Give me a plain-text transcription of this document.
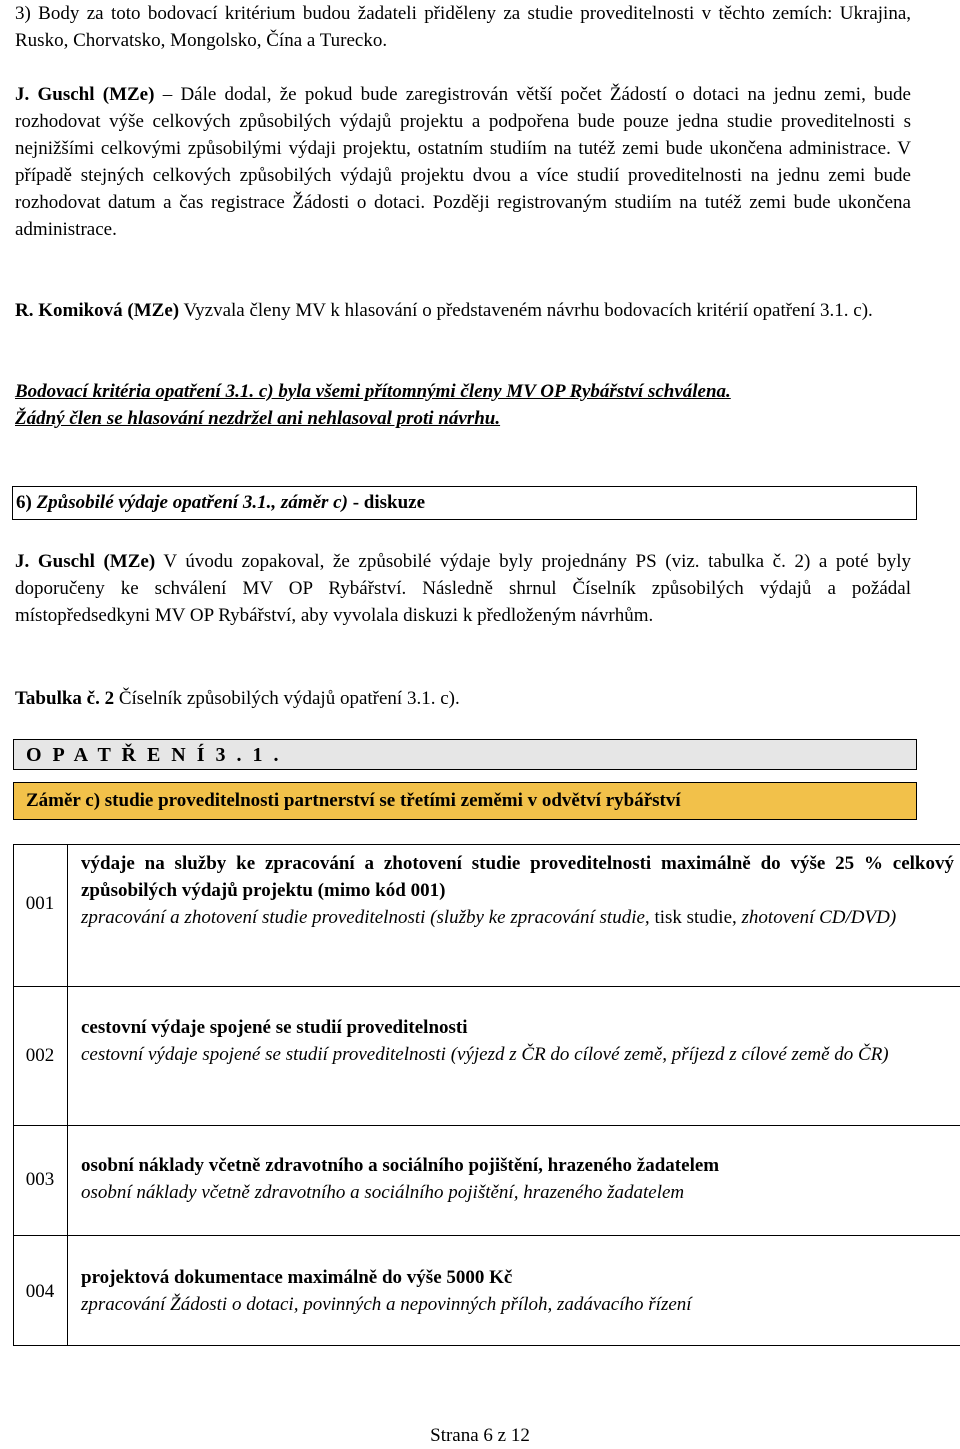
3) Body za toto bodovací kritérium budou žadateli přiděleny za studie proveditelnosti v těchto zemích: Ukrajina, Rusko, Chorvatsko, Mongolsko, Čína a Turecko.

J. Guschl (MZe) – Dále dodal, že pokud bude zaregistrován větší počet Žádostí o dotaci na jednu zemi, bude rozhodovat výše celkových způsobilých výdajů projektu a podpořena bude pouze jedna studie proveditelnosti s nejnižšími celkovými způsobilými výdaji projektu, ostatním studiím na tutéž zemi bude ukončena administrace. V případě stejných celkových způsobilých výdajů projektu dvou a více studií proveditelnosti na jednu zemi bude rozhodovat datum a čas registrace Žádosti o dotaci. Později registrovaným studiím na tutéž zemi bude ukončena administrace.

R. Komiková (MZe) Vyzvala členy MV k hlasování o představeném návrhu bodovacích kritérií opatření 3.1. c).

Bodovací kritéria opatření 3.1. c) byla všemi přítomnými členy MV OP Rybářství schválena.
Žádný člen se hlasování nezdržel ani nehlasoval proti návrhu.

6) Způsobilé výdaje opatření 3.1., záměr c) - diskuze

J. Guschl (MZe) V úvodu zopakoval, že způsobilé výdaje byly projednány PS (viz. tabulka č. 2) a poté byly doporučeny ke schválení MV OP Rybářství. Následně shrnul Číselník způsobilých výdajů a požádal místopředsedkyni MV OP Rybářství, aby vyvolala diskuzi k předloženým návrhům.

Tabulka č. 2 Číselník způsobilých výdajů opatření 3.1. c).

O P A T Ř E N Í 3 . 1 .
Záměr c) studie proveditelnosti partnerství se třetími zeměmi v odvětví rybářství
001
výdaje na služby ke zpracování a zhotovení studie proveditelnosti maximálně do výše 25 % celkový způsobilých výdajů projektu (mimo kód 001)
zpracování a zhotovení studie proveditelnosti (služby ke zpracování studie, tisk studie, zhotovení CD/DVD)
002
cestovní výdaje spojené se studií proveditelnosti
cestovní výdaje spojené se studií proveditelnosti (výjezd z ČR do cílové země, příjezd z cílové země do ČR)
003
osobní náklady včetně zdravotního a sociálního pojištění, hrazeného žadatelem
osobní náklady včetně zdravotního a sociálního pojištění, hrazeného žadatelem
004
projektová dokumentace maximálně do výše 5000 Kč
zpracování Žádosti o dotaci, povinných a nepovinných příloh, zadávacího řízení
Strana 6 z 12
